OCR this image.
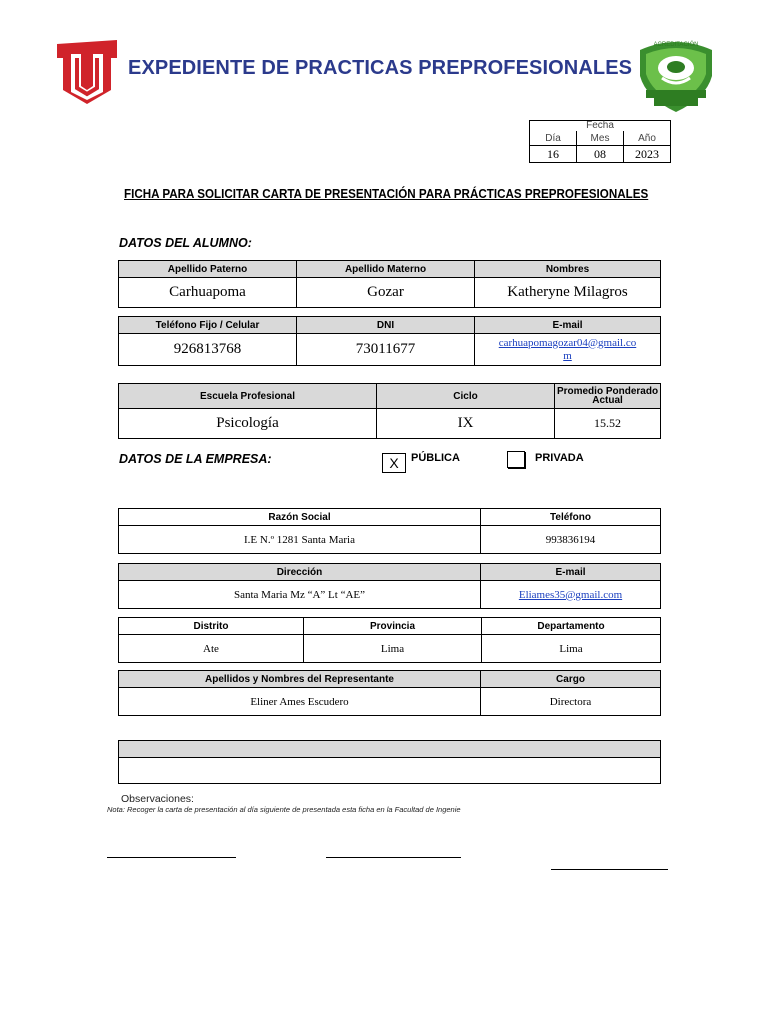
EXPEDIENTE DE PRACTICAS PREPROFESIONALES
ACREDITACIÓN
Fecha		
Día	Mes	Año
16	08	2023
FICHA PARA SOLICITAR CARTA DE PRESENTACIÓN PARA PRÁCTICAS PREPROFESIONALES
DATOS DEL ALUMNO:
Apellido Paterno	Apellido Materno	Nombres
Carhuapoma	Gozar	Katheryne Milagros
Teléfono Fijo / Celular	DNI	E-mail
926813768	73011677	carhuapomagozar04@gmail.co
m
Escuela Profesional	Ciclo	Promedio Ponderado Actual
Psicología	IX	15.52
DATOS DE LA EMPRESA:	X	PÚBLICA	PRIVADA
Razón Social	Teléfono
I.E N.º 1281 Santa Maria	993836194
Dirección	E-mail
Santa Maria Mz “A” Lt “AE”	Eliames35@gmail.com
Distrito	Provincia	Departamento
Ate	Lima	Lima
Apellidos y Nombres del Representante	Cargo
Eliner Ames Escudero	Directora

Observaciones:
Nota: Recoger la carta de presentación al día siguiente de presentada esta ficha en la Facultad de Ingenie
